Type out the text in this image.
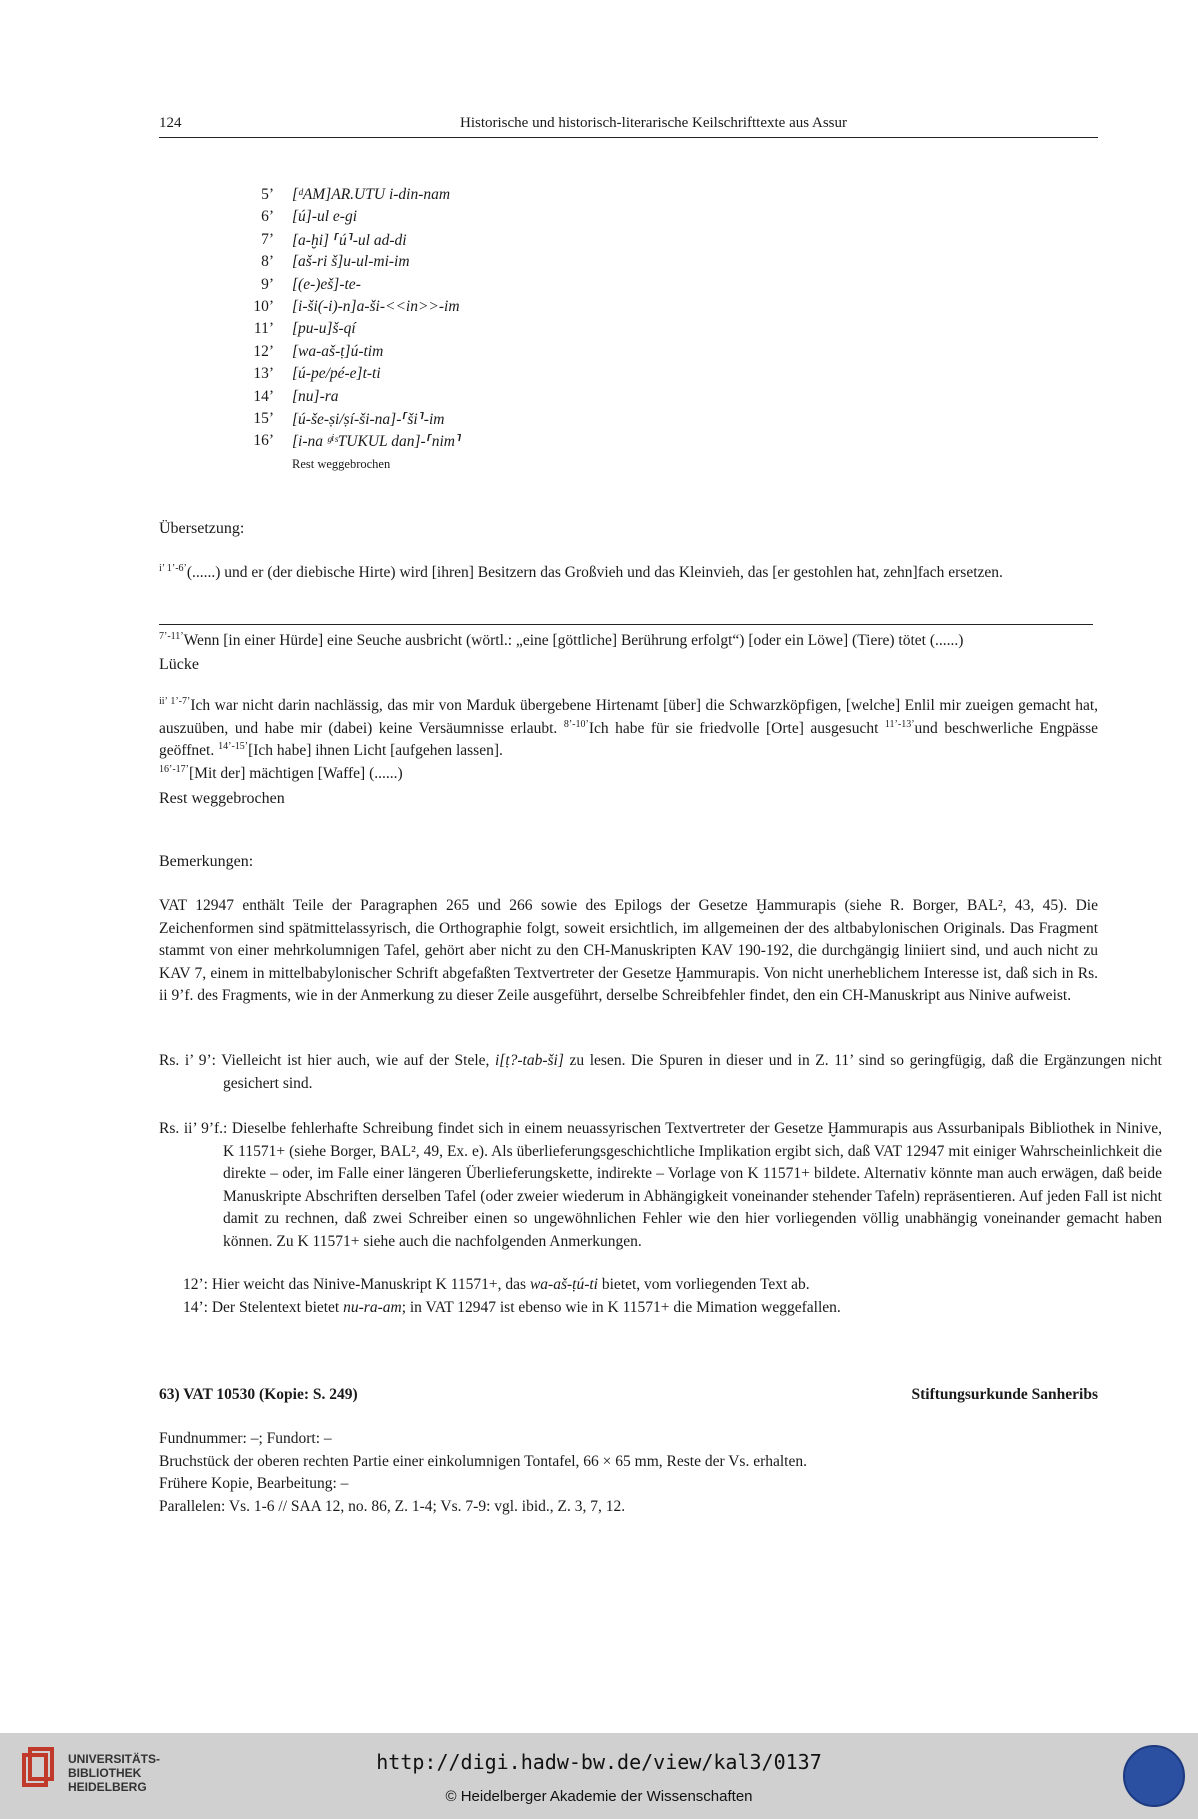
124	Historische und historisch-literarische Keilschrifttexte aus Assur
5’ [ᵈAM]AR.UTU i-din-nam
6’ [ú]-ul e-gi
7’ [a-ḫi] ⸢ú⸣-ul ad-di
8’ [aš-ri š]u-ul-mi-im
9’ [(e-)eš]-te-
10’ [i-ši(-i)-n]a-ši-<<in>>-im
11’ [pu-u]š-qí
12’ [wa-aš-ṭ]ú-tim
13’ [ú-pe/pé-e]t-ti
14’ [nu]-ra
15’ [ú-še-ṣi/ṣí-ši-na]-⸢ši⸣-im
16’ [i-na ᵍⁱˢTUKUL dan]-⸢nim⸣
Rest weggebrochen
Übersetzung:
$^{i’ 1’-6’}$(......) und er (der diebische Hirte) wird [ihren] Besitzern das Großvieh und das Kleinvieh, das [er gestohlen hat, zehn]fach ersetzen.
$^{7’-11’}$Wenn [in einer Hürde] eine Seuche ausbricht (wörtl.: „eine [göttliche] Berührung erfolgt“) [oder ein Löwe] (Tiere) tötet (......)
Lücke
$^{ii’ 1’-7’}$Ich war nicht darin nachlässig, das mir von Marduk übergebene Hirtenamt [über] die Schwarzköpfigen, [welche] Enlil mir zueigen gemacht hat, auszuüben, und habe mir (dabei) keine Versäumnisse erlaubt. $^{8’-10’}$Ich habe für sie friedvolle [Orte] ausgesucht $^{11’-13’}$und beschwerliche Engpässe geöffnet. $^{14’-15’}$[Ich habe] ihnen Licht [aufgehen lassen].
$^{16’-17’}$[Mit der] mächtigen [Waffe] (......)
Rest weggebrochen
Bemerkungen:
VAT 12947 enthält Teile der Paragraphen 265 und 266 sowie des Epilogs der Gesetze Ḫammurapis (siehe R. Borger, BAL², 43, 45). Die Zeichenformen sind spätmittelassyrisch, die Orthographie folgt, soweit ersichtlich, im allgemeinen der des altbabylonischen Originals. Das Fragment stammt von einer mehrkolumnigen Tafel, gehört aber nicht zu den CH-Manuskripten KAV 190-192, die durchgängig liniiert sind, und auch nicht zu KAV 7, einem in mittelbabylonischer Schrift abgefaßten Textvertreter der Gesetze Ḫammurapis. Von nicht unerheblichem Interesse ist, daß sich in Rs. ii 9’f. des Fragments, wie in der Anmerkung zu dieser Zeile ausgeführt, derselbe Schreibfehler findet, den ein CH-Manuskript aus Ninive aufweist.
Rs. i’ 9’: Vielleicht ist hier auch, wie auf der Stele, i[ṭ?-tab-ši] zu lesen. Die Spuren in dieser und in Z. 11’ sind so geringfügig, daß die Ergänzungen nicht gesichert sind.
Rs. ii’ 9’f.: Dieselbe fehlerhafte Schreibung findet sich in einem neuassyrischen Textvertreter der Gesetze Ḫammurapis aus Assurbanipals Bibliothek in Ninive, K 11571+ (siehe Borger, BAL², 49, Ex. e). Als überlieferungsgeschichtliche Implikation ergibt sich, daß VAT 12947 mit einiger Wahrscheinlichkeit die direkte – oder, im Falle einer längeren Überlieferungskette, indirekte – Vorlage von K 11571+ bildete. Alternativ könnte man auch erwägen, daß beide Manuskripte Abschriften derselben Tafel (oder zweier wiederum in Abhängigkeit voneinander stehender Tafeln) repräsentieren. Auf jeden Fall ist nicht damit zu rechnen, daß zwei Schreiber einen so ungewöhnlichen Fehler wie den hier vorliegenden völlig unabhängig voneinander gemacht haben können. Zu K 11571+ siehe auch die nachfolgenden Anmerkungen.
12’: Hier weicht das Ninive-Manuskript K 11571+, das wa-aš-ṭú-ti bietet, vom vorliegenden Text ab.
14’: Der Stelentext bietet nu-ra-am; in VAT 12947 ist ebenso wie in K 11571+ die Mimation weggefallen.
63) VAT 10530 (Kopie: S. 249)	Stiftungsurkunde Sanheribs
Fundnummer: –; Fundort: –
Bruchstück der oberen rechten Partie einer einkolumnigen Tontafel, 66 × 65 mm, Reste der Vs. erhalten.
Frühere Kopie, Bearbeitung: –
Parallelen: Vs. 1-6 // SAA 12, no. 86, Z. 1-4; Vs. 7-9: vgl. ibid., Z. 3, 7, 12.
UNIVERSITÄTS-
BIBLIOTHEK
HEIDELBERG
http://digi.hadw-bw.de/view/kal3/0137
© Heidelberger Akademie der Wissenschaften
